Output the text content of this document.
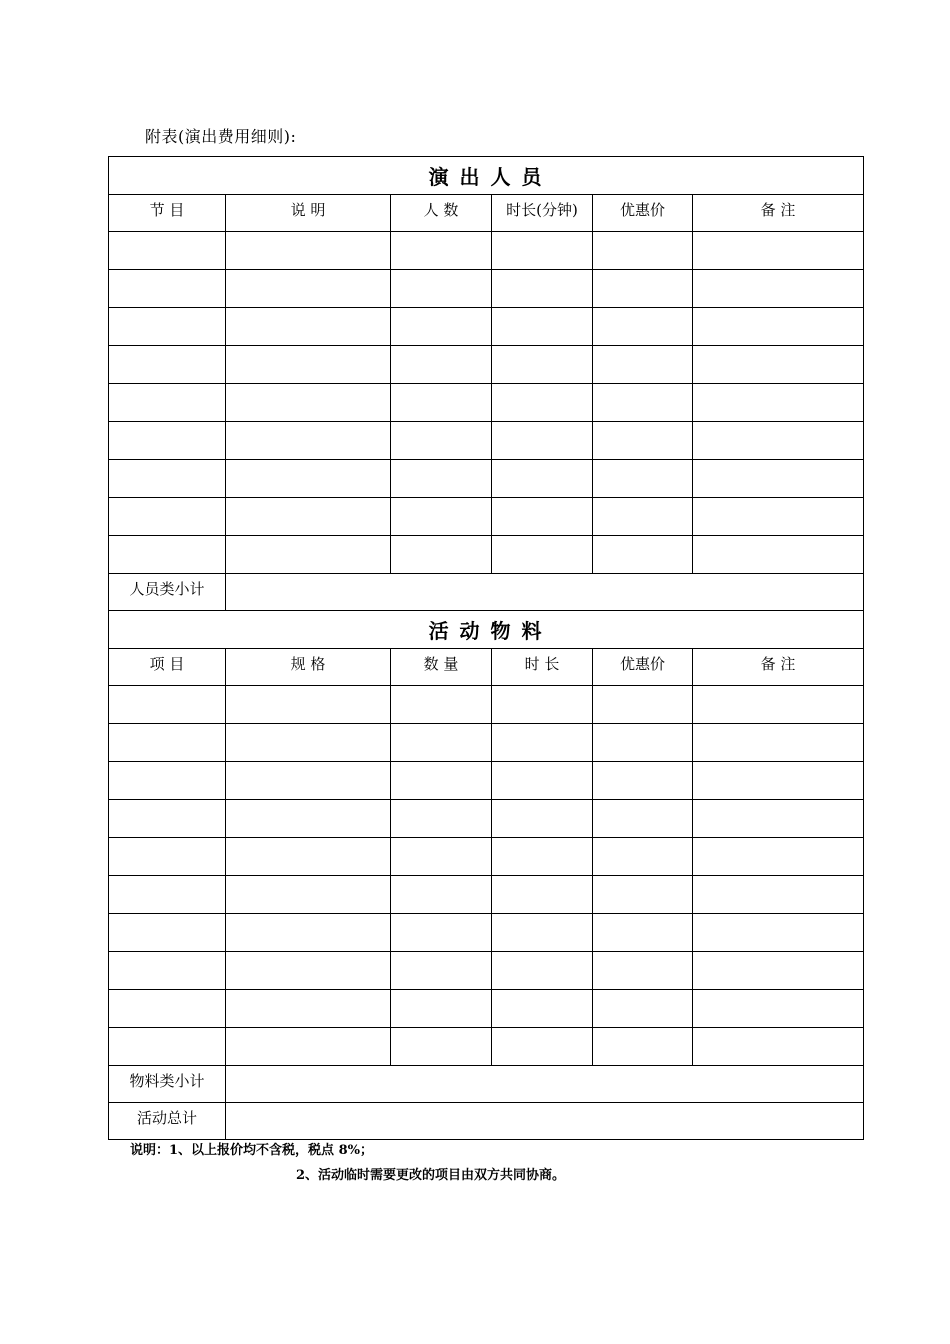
附表(演出费用细则):
演 出 人 员					
节 目	说 明	人 数	时长(分钟)	优惠价	备 注

人员类小计					
活 动 物 料					
项 目	规 格	数 量	时 长	优惠价	备 注

物料类小计					
活动总计					
说明：1、以上报价均不含税，税点 8%；
2、活动临时需要更改的项目由双方共同协商。
